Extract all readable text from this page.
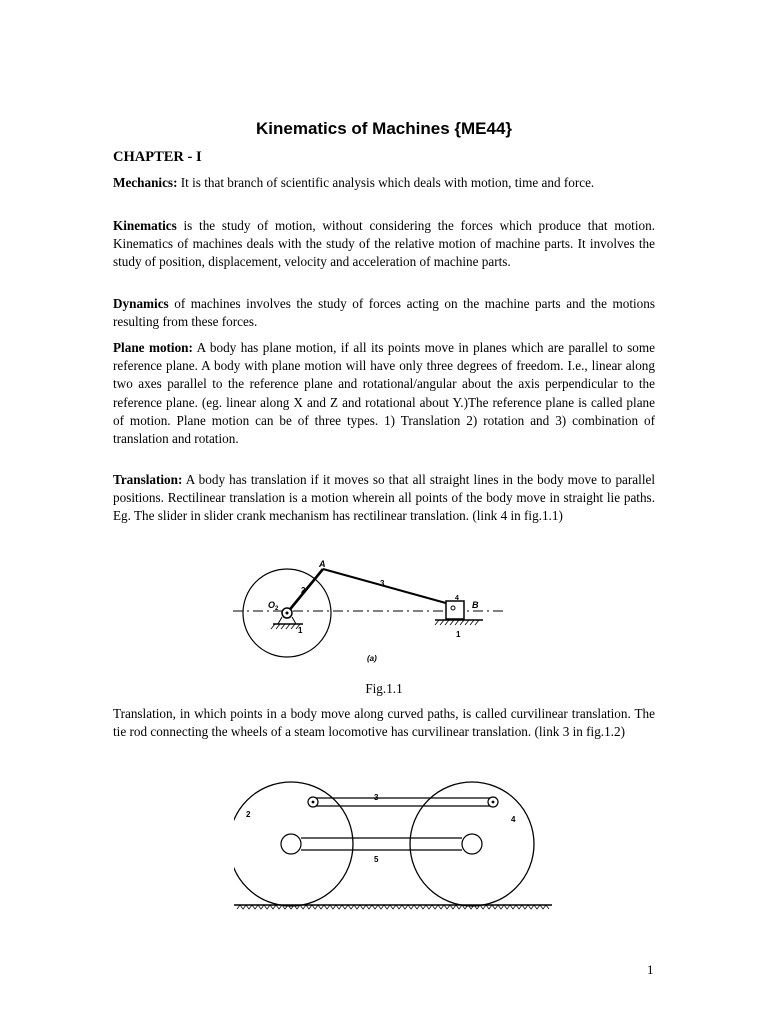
Kinematics of Machines {ME44}
CHAPTER - I

Mechanics: It is that branch of scientific analysis which deals with motion, time and force.

Kinematics is the study of motion, without considering the forces which produce that motion. Kinematics of machines deals with the study of the relative motion of machine parts. It involves the study of position, displacement, velocity and acceleration of machine parts.

Dynamics of machines involves the study of forces acting on the machine parts and the motions resulting from these forces.

Plane motion: A body has plane motion, if all its points move in planes which are parallel to some reference plane. A body with plane motion will have only three degrees of freedom. I.e., linear along two axes parallel to the reference plane and rotational/angular about the axis perpendicular to the reference plane. (eg. linear along X and Z and rotational about Y.)The reference plane is called plane of motion. Plane motion can be of three types. 1) Translation 2) rotation and 3) combination of translation and rotation.

Translation: A body has translation if it moves so that all straight lines in the body move to parallel positions. Rectilinear translation is a motion wherein all points of the body move in straight lie paths. Eg. The slider in slider crank mechanism has rectilinear translation. (link 4 in fig.1.1)

A
B
O 2
2
3
4
1	1
(a)
Fig.1.1

Translation, in which points in a body move along curved paths, is called curvilinear translation. The tie rod connecting the wheels of a steam locomotive has curvilinear translation. (link 3 in fig.1.2)

2
3
4
5
1
